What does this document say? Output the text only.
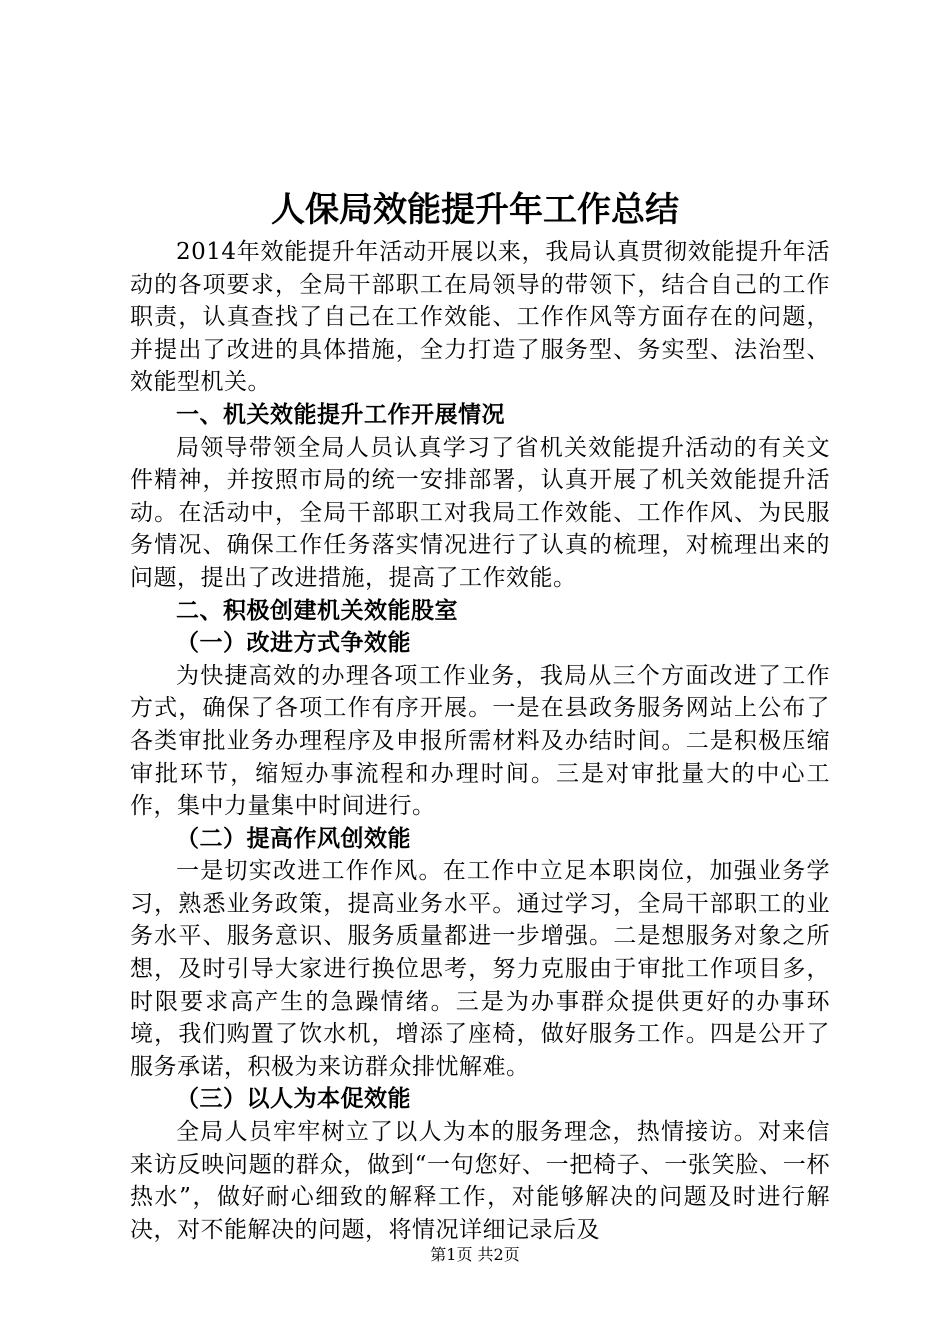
人保局效能提升年工作总结

2014年效能提升年活动开展以来，我局认真贯彻效能提升年活动的各项要求，全局干部职工在局领导的带领下，结合自己的工作职责，认真查找了自己在工作效能、工作作风等方面存在的问题，并提出了改进的具体措施，全力打造了服务型、务实型、法治型、效能型机关。

一、机关效能提升工作开展情况

局领导带领全局人员认真学习了省机关效能提升活动的有关文件精神，并按照市局的统一安排部署，认真开展了机关效能提升活动。在活动中，全局干部职工对我局工作效能、工作作风、为民服务情况、确保工作任务落实情况进行了认真的梳理，对梳理出来的问题，提出了改进措施，提高了工作效能。

二、积极创建机关效能股室

（一）改进方式争效能

为快捷高效的办理各项工作业务，我局从三个方面改进了工作方式，确保了各项工作有序开展。一是在县政务服务网站上公布了各类审批业务办理程序及申报所需材料及办结时间。二是积极压缩审批环节，缩短办事流程和办理时间。三是对审批量大的中心工作，集中力量集中时间进行。

（二）提高作风创效能

一是切实改进工作作风。在工作中立足本职岗位，加强业务学习，熟悉业务政策，提高业务水平。通过学习，全局干部职工的业务水平、服务意识、服务质量都进一步增强。二是想服务对象之所想，及时引导大家进行换位思考，努力克服由于审批工作项目多，时限要求高产生的急躁情绪。三是为办事群众提供更好的办事环境，我们购置了饮水机，增添了座椅，做好服务工作。四是公开了服务承诺，积极为来访群众排忧解难。

（三）以人为本促效能

全局人员牢牢树立了以人为本的服务理念，热情接访。对来信来访反映问题的群众，做到“一句您好、一把椅子、一张笑脸、一杯热水”，做好耐心细致的解释工作，对能够解决的问题及时进行解决，对不能解决的问题，将情况详细记录后及

第1页 共2页
